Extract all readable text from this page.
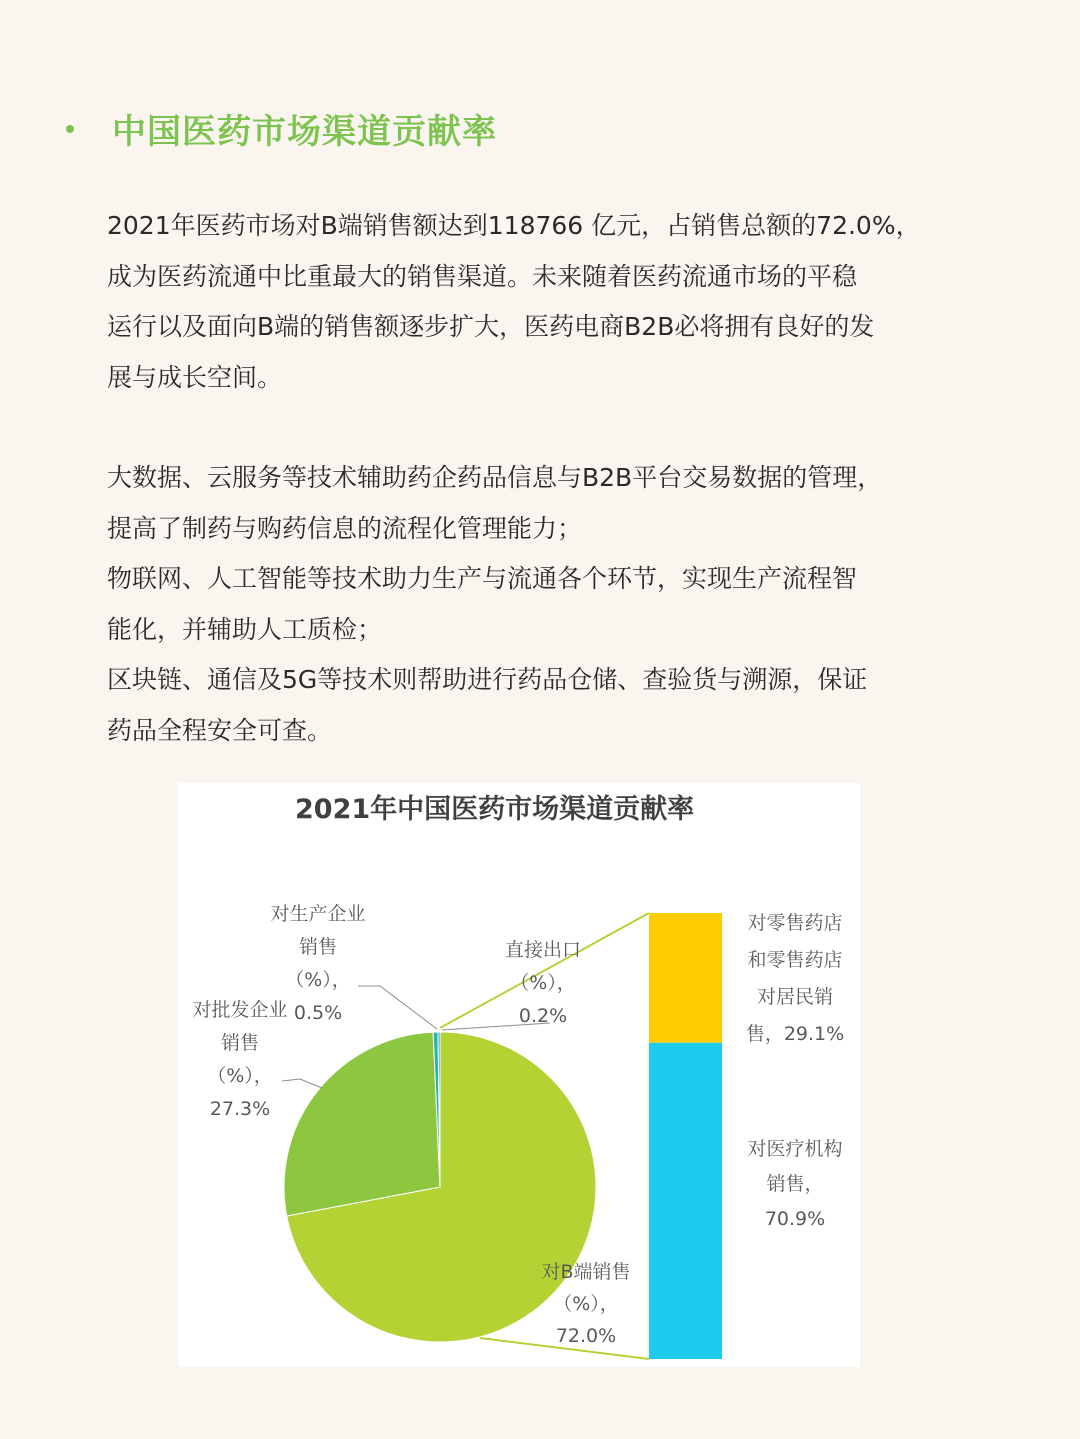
中国医药市场渠道贡献率

2021年医药市场对B端销售额达到118766 亿元，占销售总额的72.0%，

成为医药流通中比重最大的销售渠道。未来随着医药流通市场的平稳

运行以及面向B端的销售额逐步扩大，医药电商B2B必将拥有良好的发

展与成长空间。

大数据、云服务等技术辅助药企药品信息与B2B平台交易数据的管理，

提高了制药与购药信息的流程化管理能力；

物联网、人工智能等技术助力生产与流通各个环节，实现生产流程智

能化，并辅助人工质检；

区块链、通信及5G等技术则帮助进行药品仓储、查验货与溯源，保证

药品全程安全可查。

2021年中国医药市场渠道贡献率
对生产企业销售（%）， 0.5%
直接出口（%）， 0.2%
对批发企业销售（%）， 27.3%
对B端销售（%）， 72.0%
对零售药店和零售药店对居民销售，29.1%
对医疗机构销售， 70.9%
